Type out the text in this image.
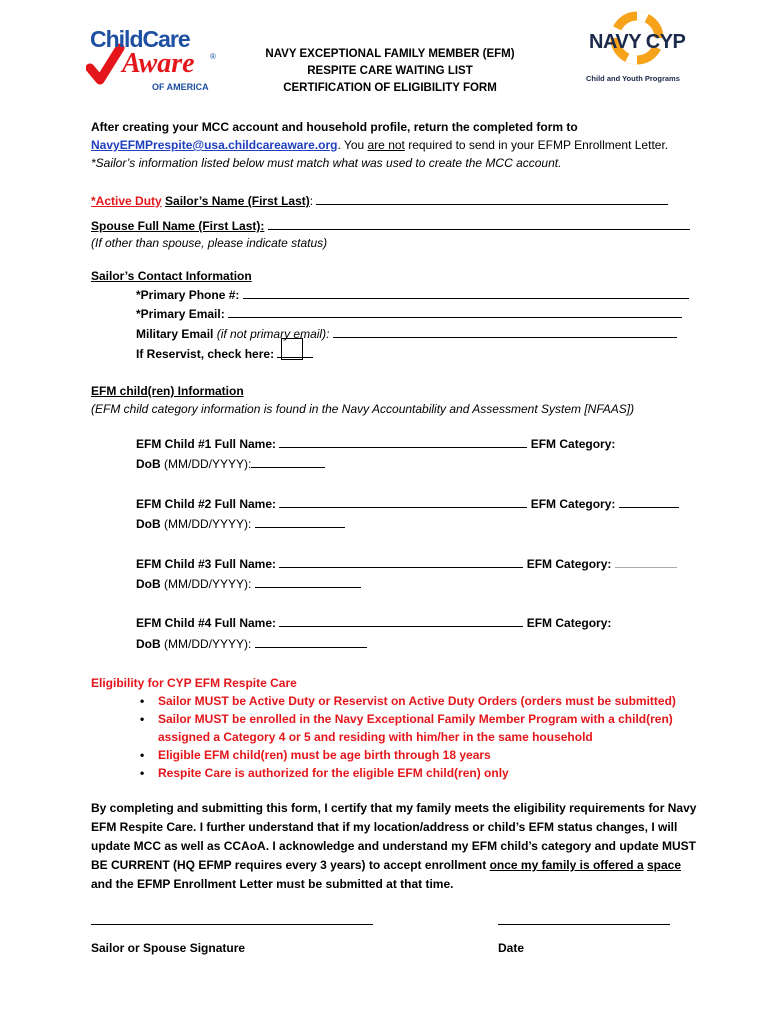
ChildCare
Aware ®
OF AMERICA
NAVY CYP
Child and Youth Programs
NAVY EXCEPTIONAL FAMILY MEMBER (EFM)
RESPITE CARE WAITING LIST
CERTIFICATION OF ELIGIBILITY FORM
After creating your MCC account and household profile, return the completed form to
NavyEFMPrespite@usa.childcareaware.org. You are not required to send in your EFMP Enrollment Letter.
*Sailor’s information listed below must match what was used to create the MCC account.
*Active Duty Sailor’s Name (First Last):
Spouse Full Name (First Last):
(If other than spouse, please indicate status)
Sailor’s Contact Information
*Primary Phone #:
*Primary Email:
Military Email (if not primary email):
If Reservist, check here:
EFM child(ren) Information
(EFM child category information is found in the Navy Accountability and Assessment System [NFAAS])
EFM Child #1 Full Name:	EFM Category:
DoB (MM/DD/YYYY):
EFM Child #2 Full Name:	EFM Category:
DoB (MM/DD/YYYY):
EFM Child #3 Full Name:	EFM Category:
DoB (MM/DD/YYYY):
EFM Child #4 Full Name:	EFM Category:
DoB (MM/DD/YYYY):
Eligibility for CYP EFM Respite Care
• Sailor MUST be Active Duty or Reservist on Active Duty Orders (orders must be submitted)
• Sailor MUST be enrolled in the Navy Exceptional Family Member Program with a child(ren) assigned a Category 4 or 5 and residing with him/her in the same household
• Eligible EFM child(ren) must be age birth through 18 years
• Respite Care is authorized for the eligible EFM child(ren) only
By completing and submitting this form, I certify that my family meets the eligibility requirements for Navy EFM Respite Care. I further understand that if my location/address or child’s EFM status changes, I will update MCC as well as CCAoA. I acknowledge and understand my EFM child’s category and update MUST BE CURRENT (HQ EFMP requires every 3 years) to accept enrollment once my family is offered a space and the EFMP Enrollment Letter must be submitted at that time.
Sailor or Spouse Signature	Date
